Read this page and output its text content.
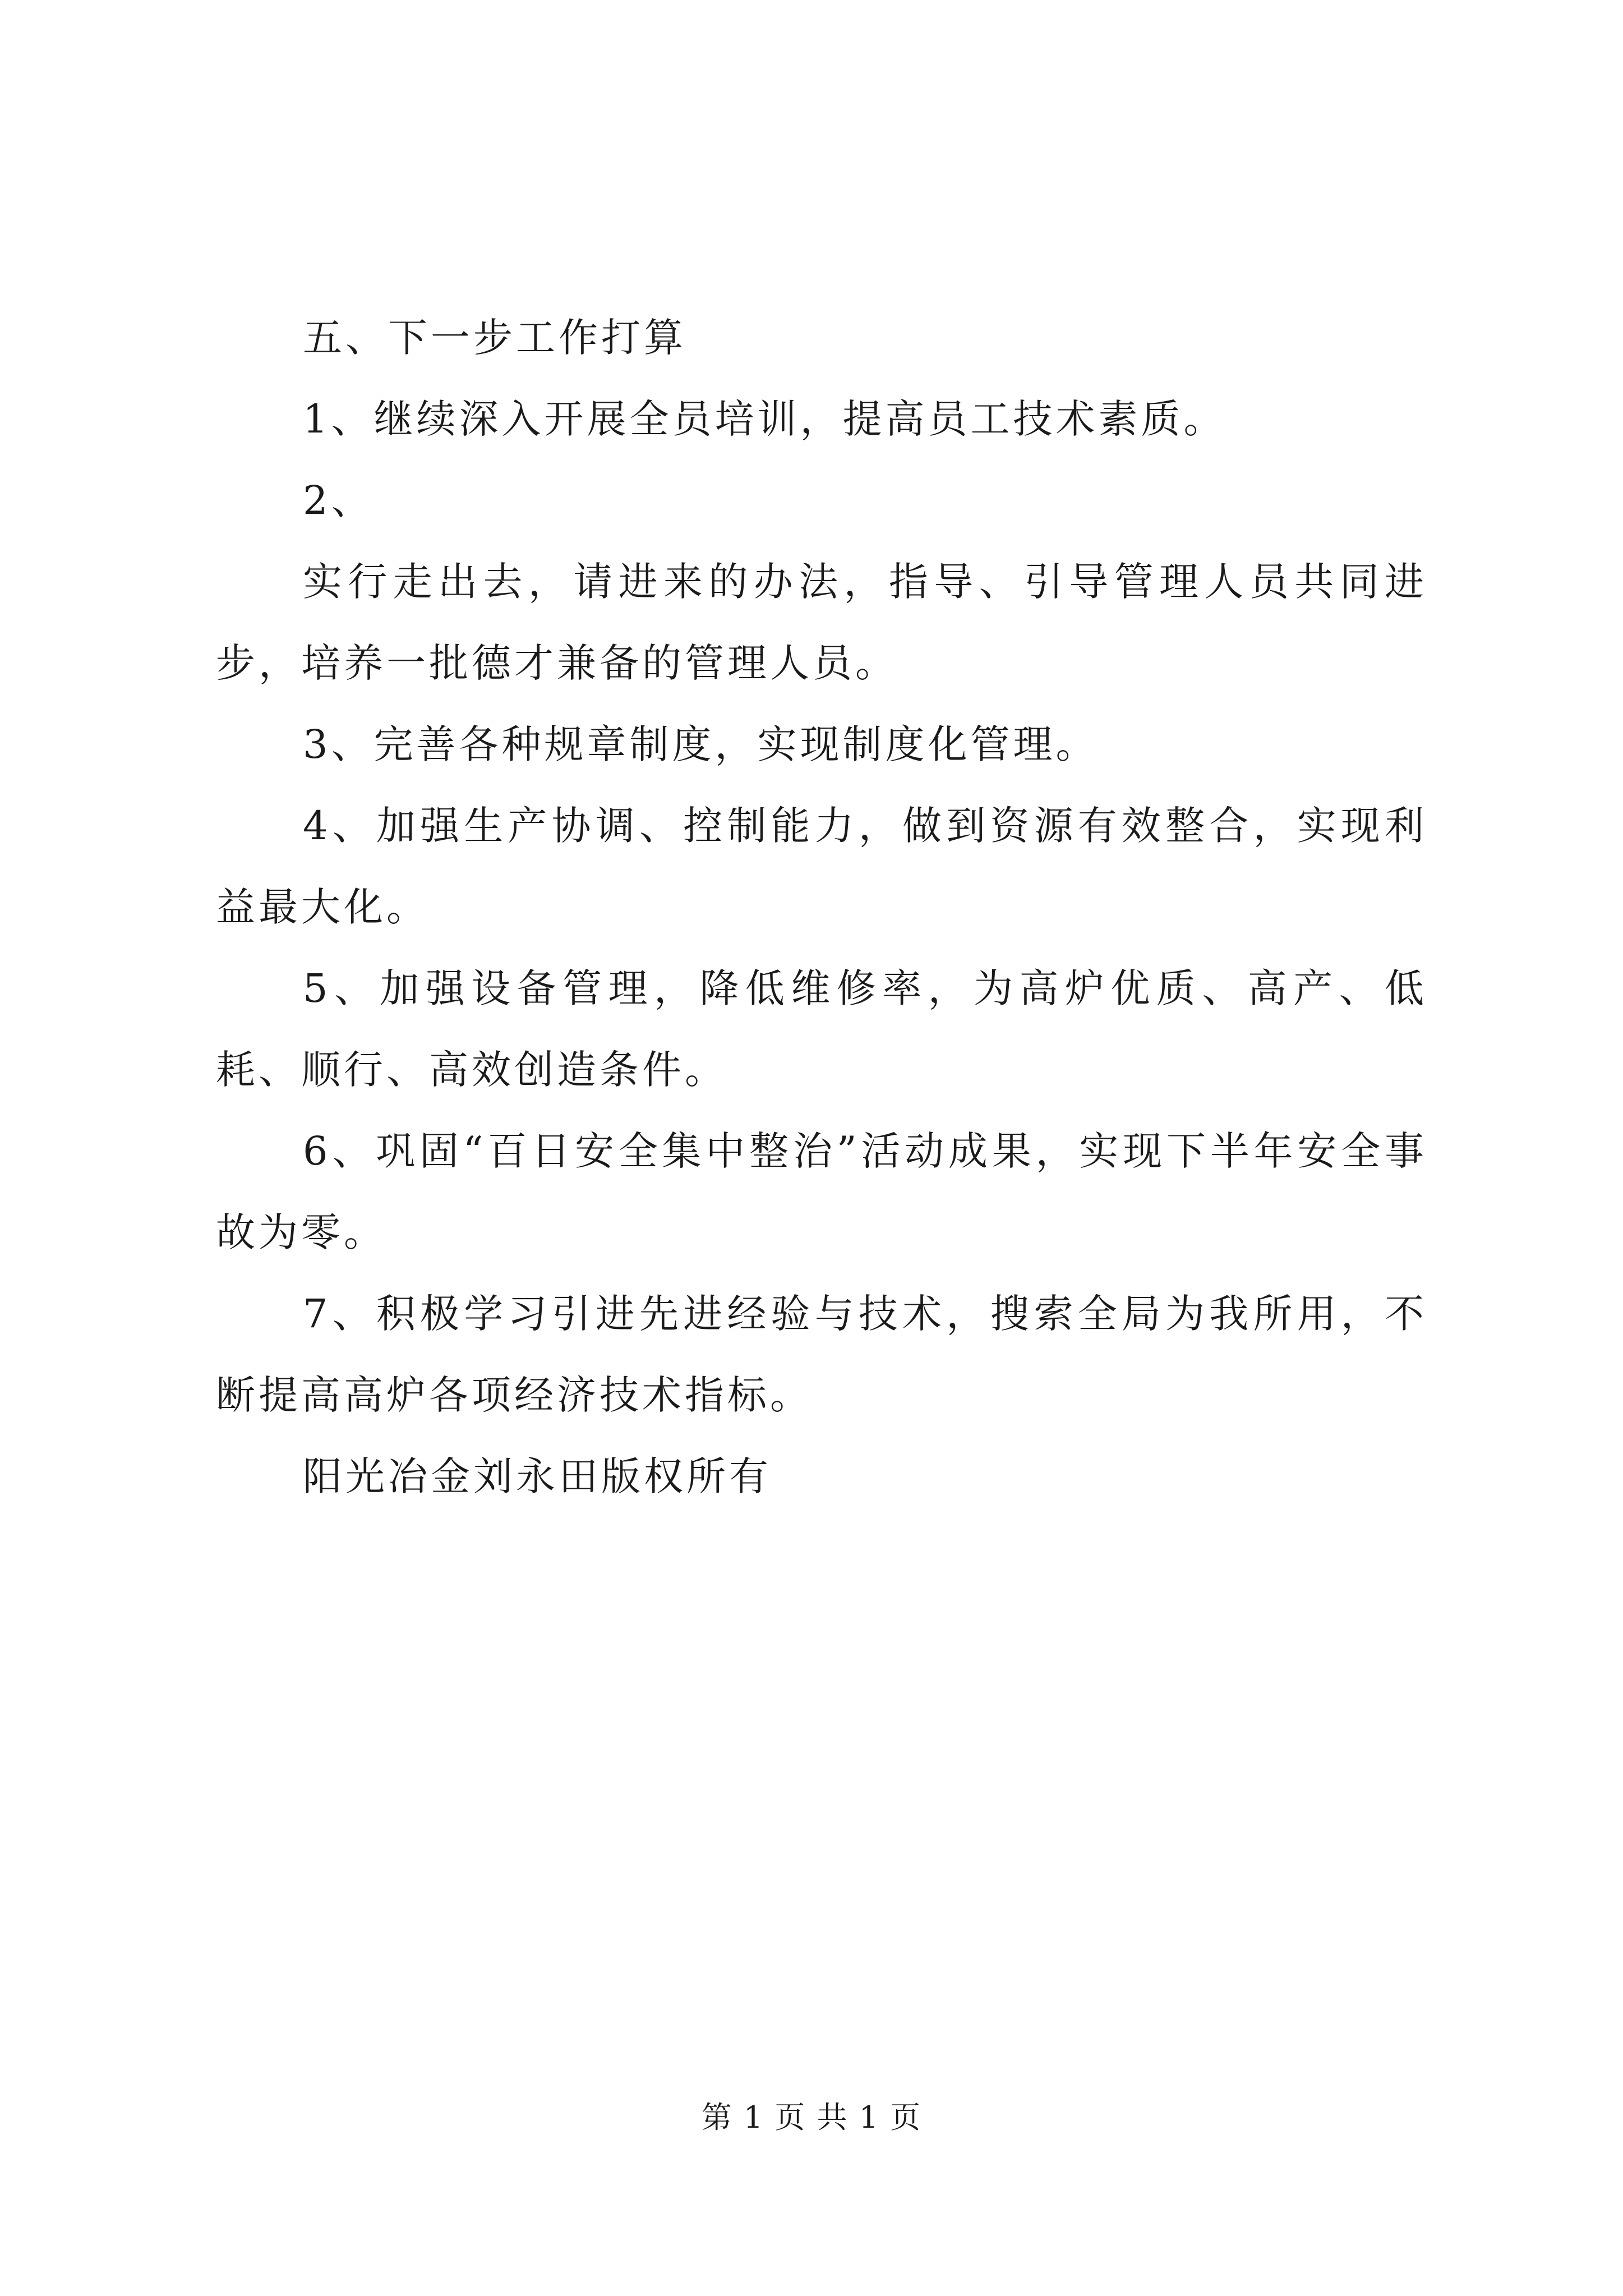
五、下一步工作打算

1、继续深入开展全员培训，提高员工技术素质。

2、

实行走出去，请进来的办法，指导、引导管理人员共同进步，培养一批德才兼备的管理人员。

3、完善各种规章制度，实现制度化管理。

4、加强生产协调、控制能力，做到资源有效整合，实现利益最大化。

5、加强设备管理，降低维修率，为高炉优质、高产、低耗、顺行、高效创造条件。

6、巩固“百日安全集中整治”活动成果，实现下半年安全事故为零。

7、积极学习引进先进经验与技术，搜索全局为我所用，不断提高高炉各项经济技术指标。

阳光冶金刘永田版权所有

第 1 页 共 1 页
